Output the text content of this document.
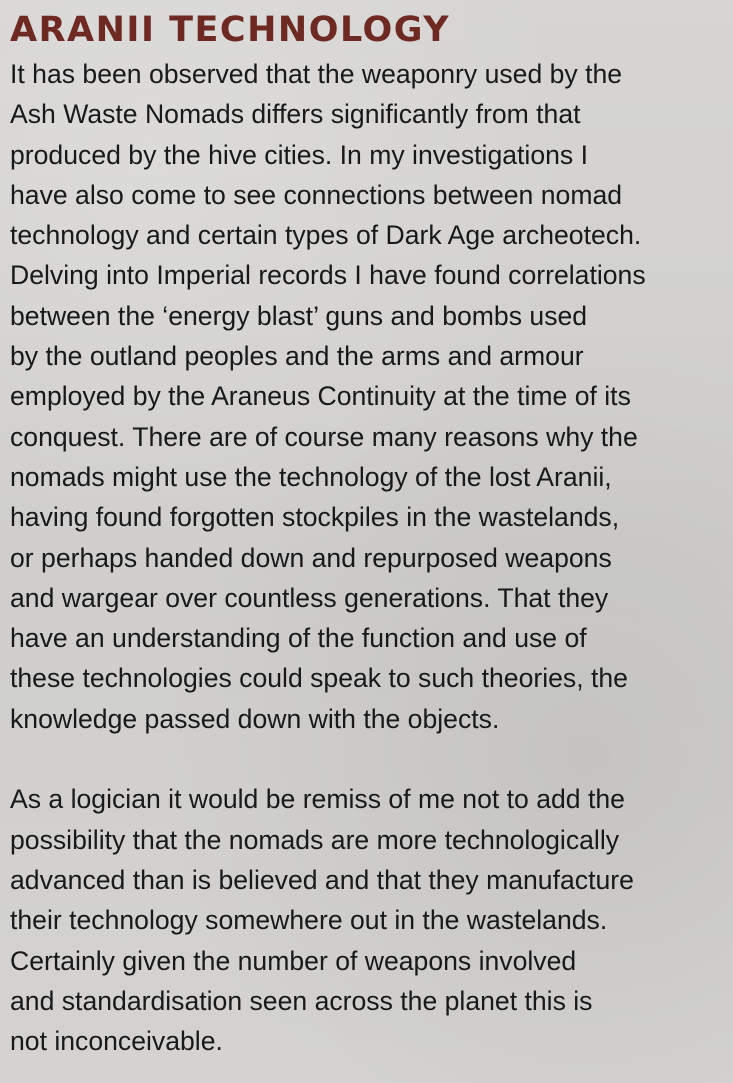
ARANII TECHNOLOGY

It has been observed that the weaponry used by the
Ash Waste Nomads differs significantly from that
produced by the hive cities. In my investigations I
have also come to see connections between nomad
technology and certain types of Dark Age archeotech.
Delving into Imperial records I have found correlations
between the ‘energy blast’ guns and bombs used
by the outland peoples and the arms and armour
employed by the Araneus Continuity at the time of its
conquest. There are of course many reasons why the
nomads might use the technology of the lost Aranii,
having found forgotten stockpiles in the wastelands,
or perhaps handed down and repurposed weapons
and wargear over countless generations. That they
have an understanding of the function and use of
these technologies could speak to such theories, the
knowledge passed down with the objects.

As a logician it would be remiss of me not to add the
possibility that the nomads are more technologically
advanced than is believed and that they manufacture
their technology somewhere out in the wastelands.
Certainly given the number of weapons involved
and standardisation seen across the planet this is
not inconceivable.
